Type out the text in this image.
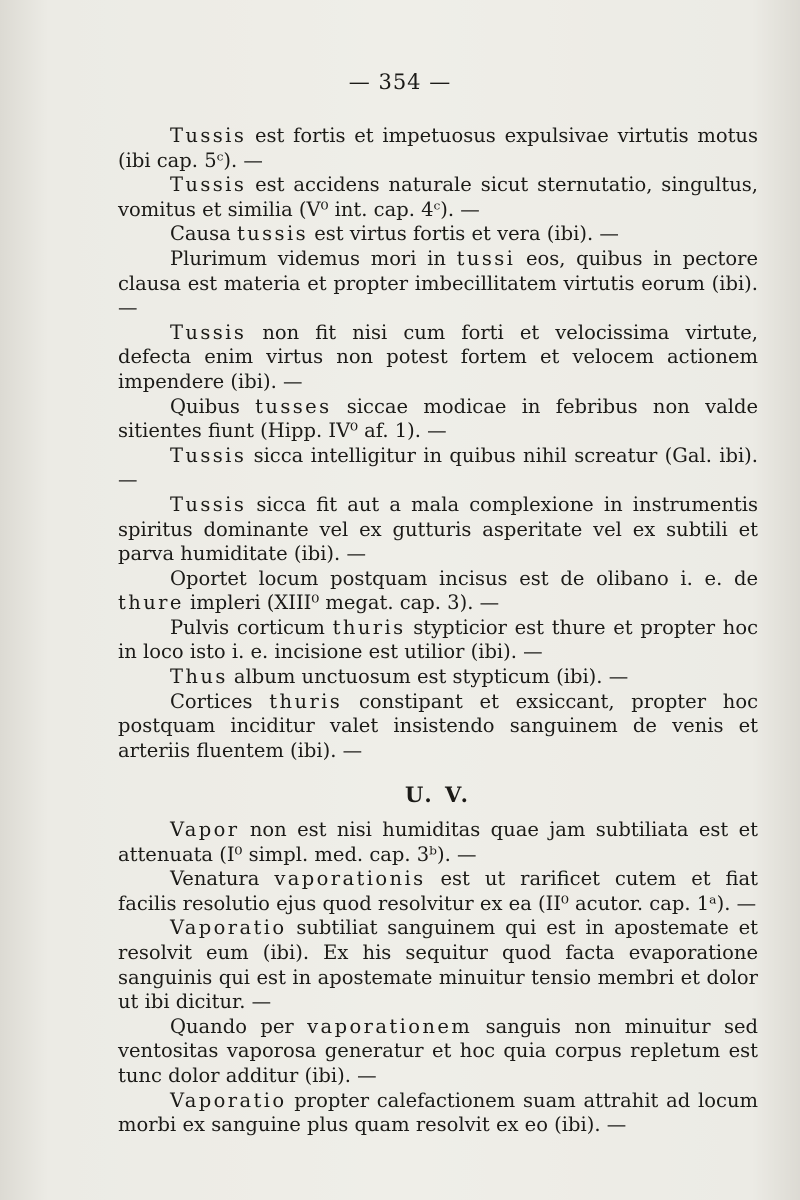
— 354 —

Tussis est fortis et impetuosus expulsivae virtutis motus (ibi cap. 5ᶜ). —

Tussis est accidens naturale sicut sternutatio, singultus, vomitus et similia (V⁰ int. cap. 4ᶜ). —

Causa tussis est virtus fortis et vera (ibi). —

Plurimum videmus mori in tussi eos, quibus in pectore clausa est materia et propter imbecillitatem virtutis eorum (ibi). —

Tussis non fit nisi cum forti et velocissima virtute, defecta enim virtus non potest fortem et velocem actionem impendere (ibi). —

Quibus tusses siccae modicae in febribus non valde sitientes fiunt (Hipp. IV⁰ af. 1). —

Tussis sicca intelligitur in quibus nihil screatur (Gal. ibi). —

Tussis sicca fit aut a mala complexione in instrumentis spiritus dominante vel ex gutturis asperitate vel ex subtili et parva humiditate (ibi). —

Oportet locum postquam incisus est de olibano i. e. de thure impleri (XIII⁰ megat. cap. 3). —

Pulvis corticum thuris stypticior est thure et propter hoc in loco isto i. e. incisione est utilior (ibi). —

Thus album unctuosum est stypticum (ibi). —

Cortices thuris constipant et exsiccant, propter hoc postquam inciditur valet insistendo sanguinem de venis et arteriis fluentem (ibi). —

U. V.

Vapor non est nisi humiditas quae jam subtiliata est et attenuata (I⁰ simpl. med. cap. 3ᵇ). —

Venatura vaporationis est ut rarificet cutem et fiat facilis resolutio ejus quod resolvitur ex ea (II⁰ acutor. cap. 1ᵃ). —

Vaporatio subtiliat sanguinem qui est in apostemate et resolvit eum (ibi). Ex his sequitur quod facta evaporatione sanguinis qui est in apostemate minuitur tensio membri et dolor ut ibi dicitur. —

Quando per vaporationem sanguis non minuitur sed ventositas vaporosa generatur et hoc quia corpus repletum est tunc dolor additur (ibi). —

Vaporatio propter calefactionem suam attrahit ad locum morbi ex sanguine plus quam resolvit ex eo (ibi). —
